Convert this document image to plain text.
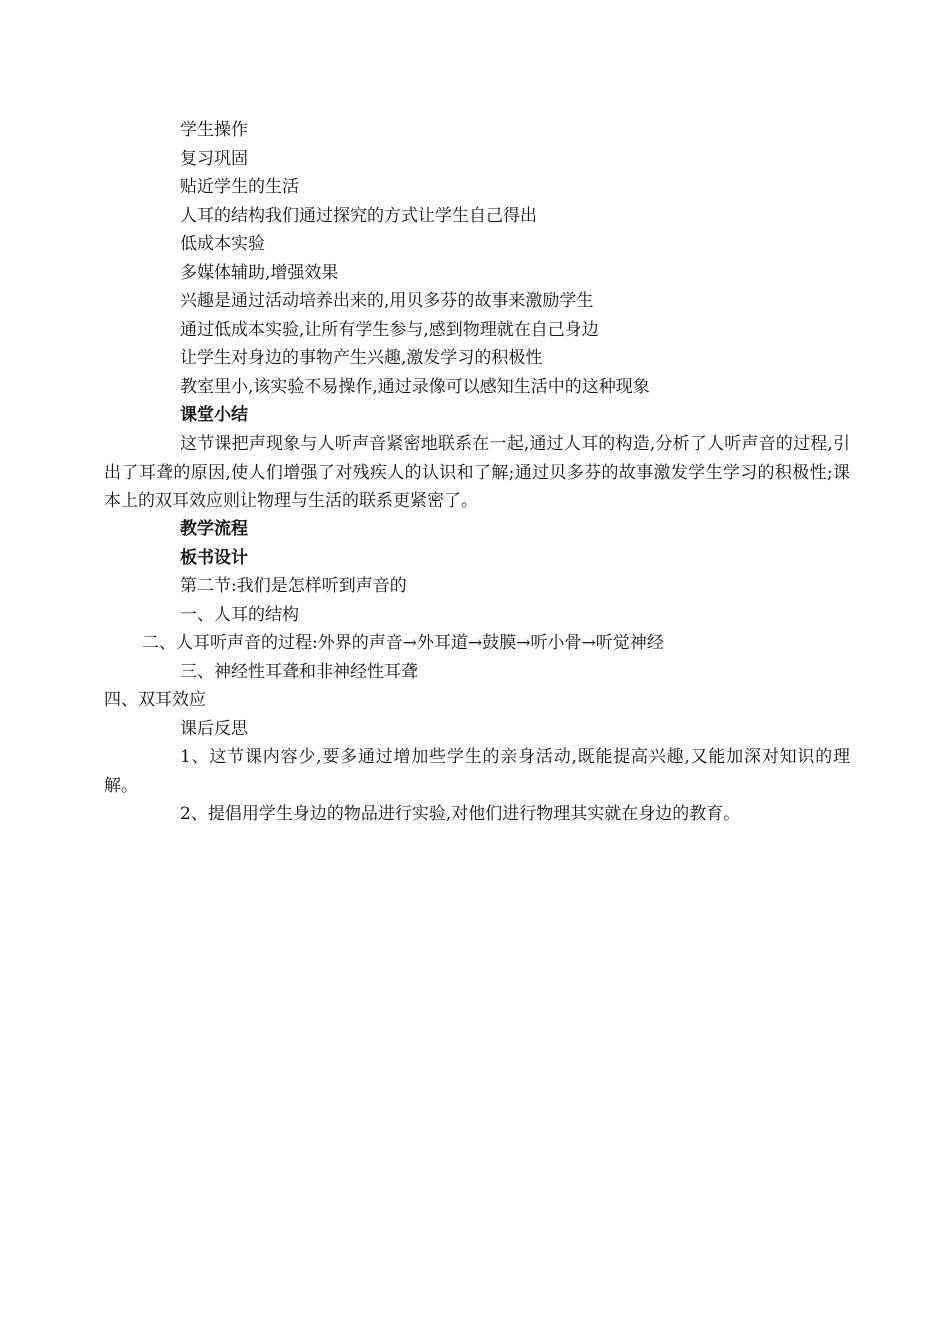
学生操作

复习巩固

贴近学生的生活

人耳的结构我们通过探究的方式让学生自己得出

低成本实验

多媒体辅助,增强效果

兴趣是通过活动培养出来的,用贝多芬的故事来激励学生

通过低成本实验,让所有学生参与,感到物理就在自己身边

让学生对身边的事物产生兴趣,激发学习的积极性

教室里小,该实验不易操作,通过录像可以感知生活中的这种现象

课堂小结

这节课把声现象与人听声音紧密地联系在一起,通过人耳的构造,分析了人听声音的过程,引出了耳聋的原因,使人们增强了对残疾人的认识和了解;通过贝多芬的故事激发学生学习的积极性;课本上的双耳效应则让物理与生活的联系更紧密了。

教学流程

板书设计

第二节:我们是怎样听到声音的

一、人耳的结构

二、人耳听声音的过程:外界的声音→外耳道→鼓膜→听小骨→听觉神经

三、神经性耳聋和非神经性耳聋

四、双耳效应

课后反思

1、这节课内容少,要多通过增加些学生的亲身活动,既能提高兴趣,又能加深对知识的理解。

2、提倡用学生身边的物品进行实验,对他们进行物理其实就在身边的教育。
